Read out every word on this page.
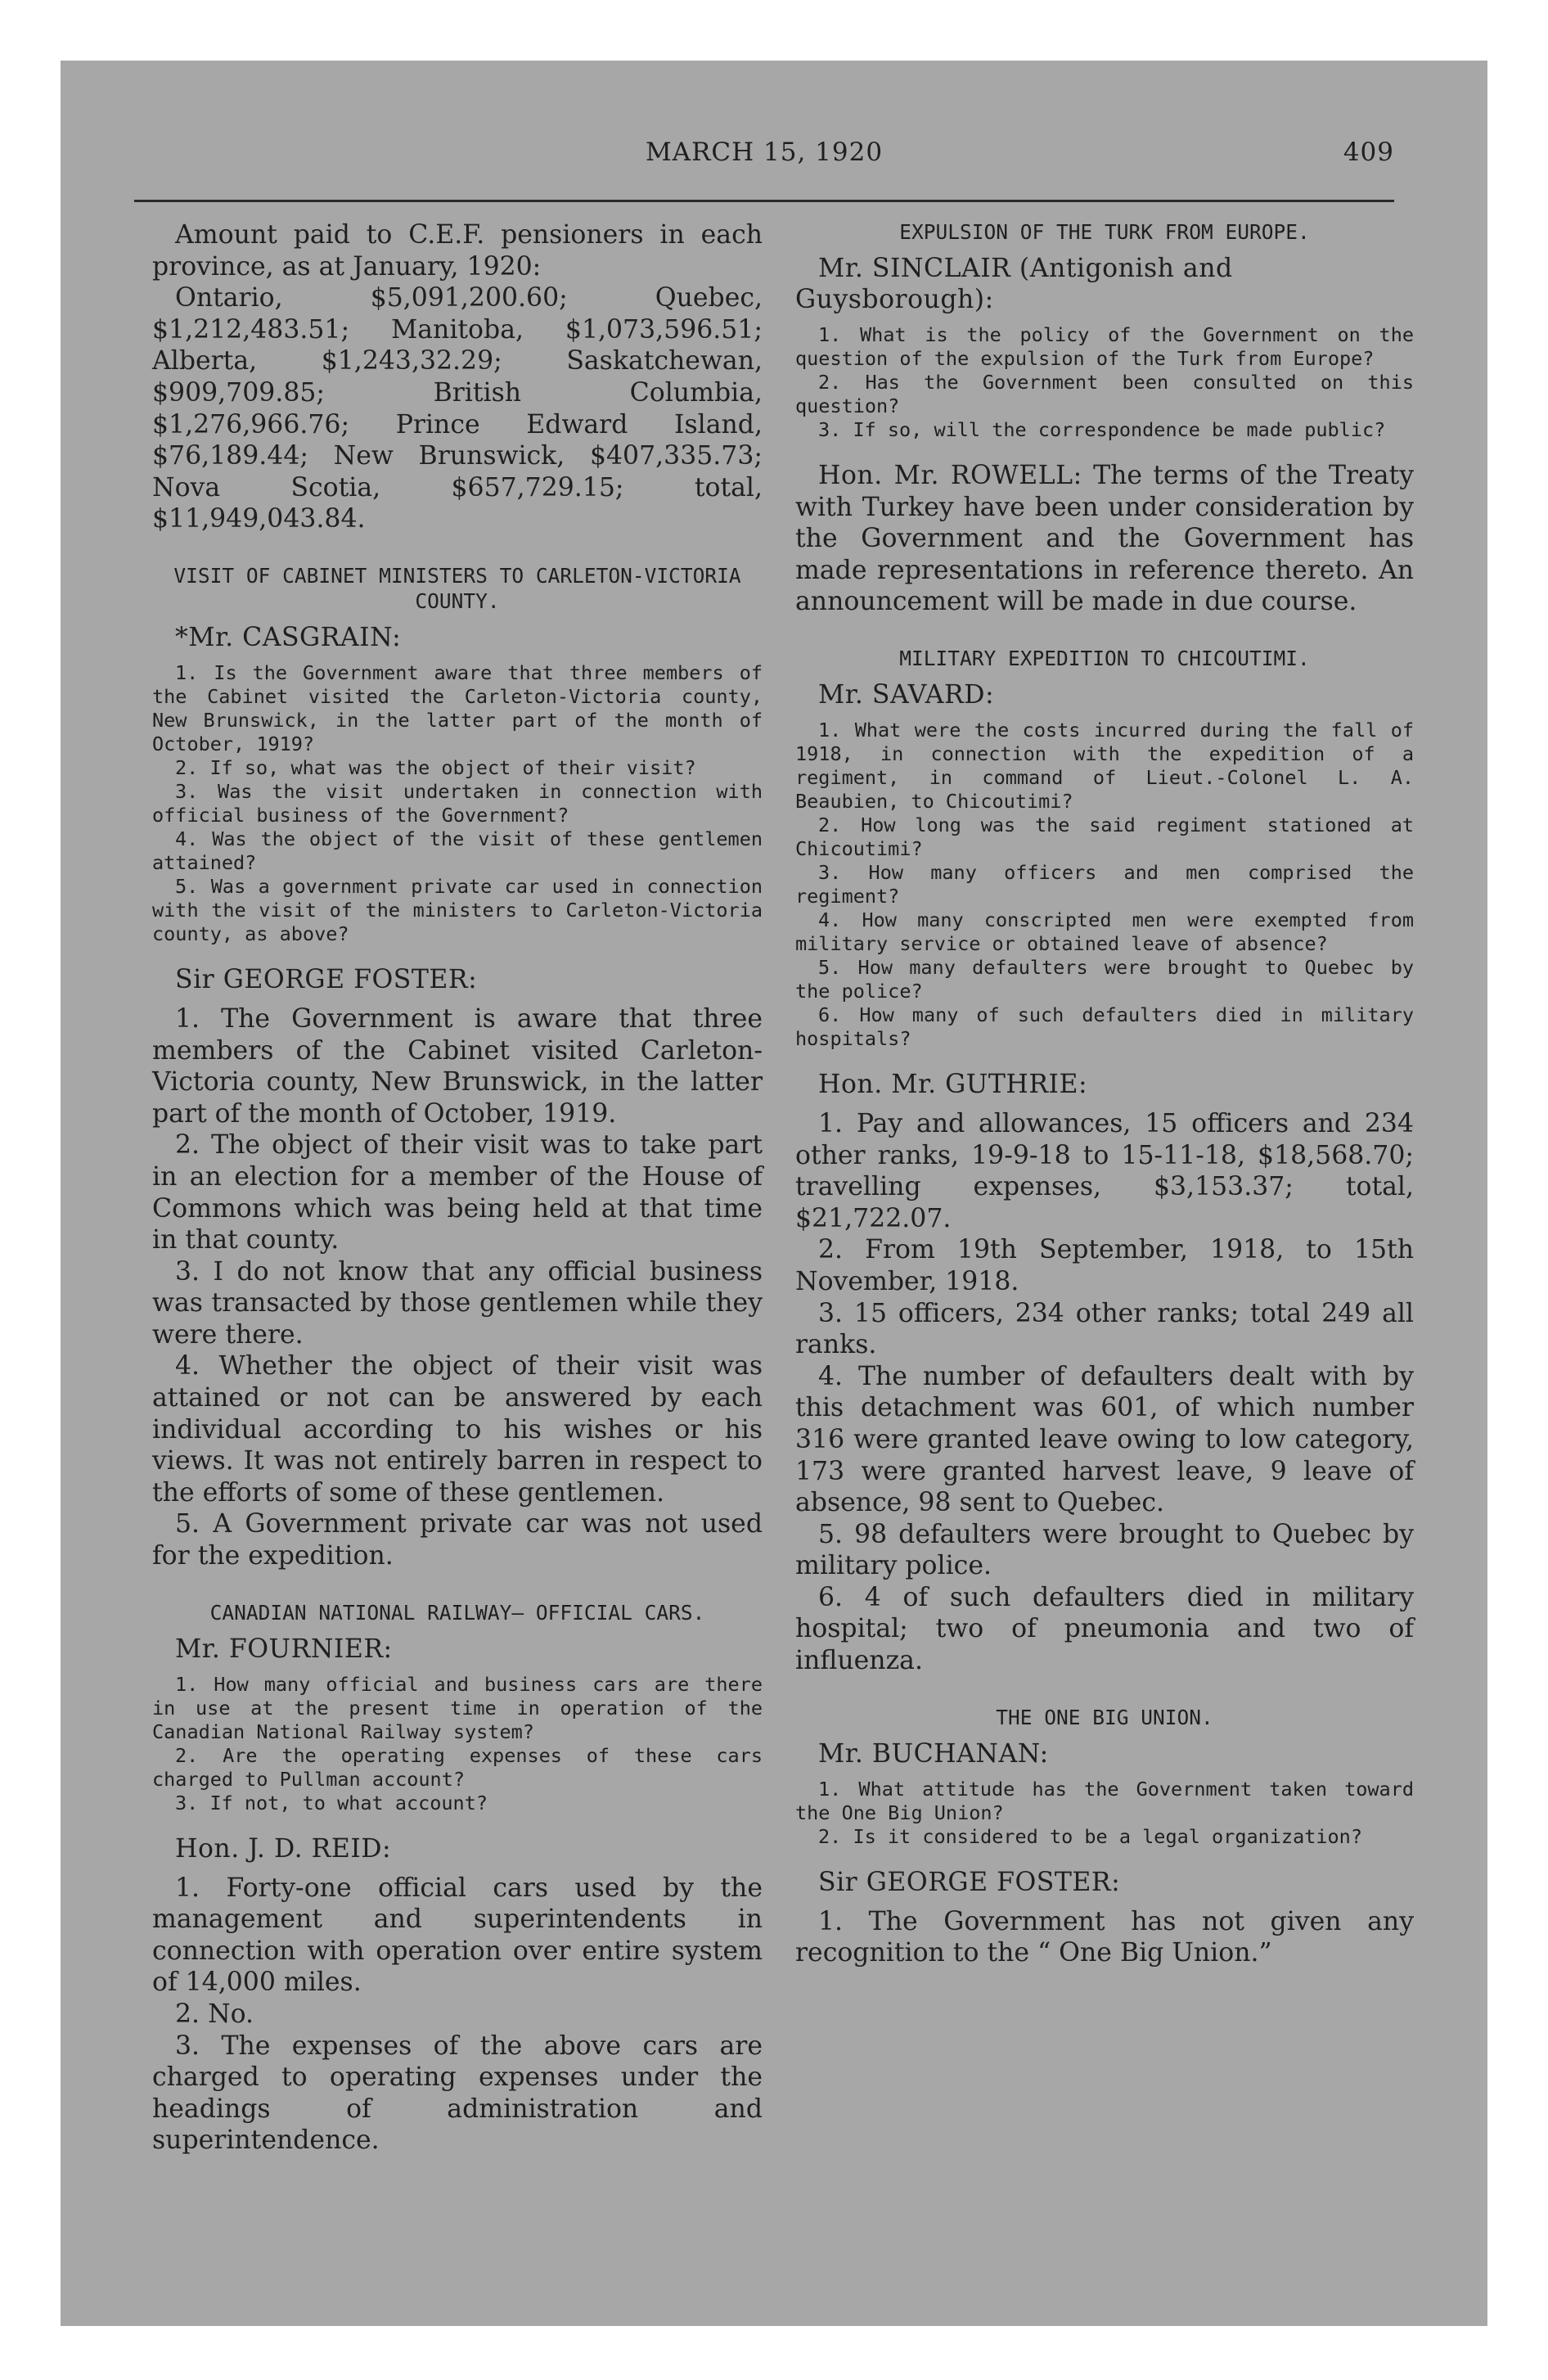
MARCH 15, 1920	409

Amount paid to C.E.F. pensioners in each province, as at January, 1920:

Ontario, $5,091,200.60; Quebec, $1,212,483.51; Manitoba, $1,073,596.51; Alberta, $1,243,32.29; Saskatchewan, $909,709.85; British Columbia, $1,276,966.76; Prince Edward Island, $76,189.44; New Brunswick, $407,335.73; Nova Scotia, $657,729.15; total, $11,949,043.84.

VISIT OF CABINET MINISTERS TO CARLETON-VICTORIA COUNTY.

*Mr. CASGRAIN:

1. Is the Government aware that three members of the Cabinet visited the Carleton-Victoria county, New Brunswick, in the latter part of the month of October, 1919?

2. If so, what was the object of their visit?

3. Was the visit undertaken in connection with official business of the Government?

4. Was the object of the visit of these gentlemen attained?

5. Was a government private car used in connection with the visit of the ministers to Carleton-Victoria county, as above?

Sir GEORGE FOSTER:

1. The Government is aware that three members of the Cabinet visited Carleton-Victoria county, New Brunswick, in the latter part of the month of October, 1919.

2. The object of their visit was to take part in an election for a member of the House of Commons which was being held at that time in that county.

3. I do not know that any official business was transacted by those gentlemen while they were there.

4. Whether the object of their visit was attained or not can be answered by each individual according to his wishes or his views. It was not entirely barren in respect to the efforts of some of these gentlemen.

5. A Government private car was not used for the expedition.

CANADIAN NATIONAL RAILWAY— OFFICIAL CARS.

Mr. FOURNIER:

1. How many official and business cars are there in use at the present time in operation of the Canadian National Railway system?

2. Are the operating expenses of these cars charged to Pullman account?

3. If not, to what account?

Hon. J. D. REID:

1. Forty-one official cars used by the management and superintendents in connection with operation over entire system of 14,000 miles.

2. No.

3. The expenses of the above cars are charged to operating expenses under the headings of administration and superintendence.

EXPULSION OF THE TURK FROM EUROPE.

Mr. SINCLAIR (Antigonish and Guysborough):

1. What is the policy of the Government on the question of the expulsion of the Turk from Europe?

2. Has the Government been consulted on this question?

3. If so, will the correspondence be made public?

Hon. Mr. ROWELL: The terms of the Treaty with Turkey have been under consideration by the Government and the Government has made representations in reference thereto. An announcement will be made in due course.

MILITARY EXPEDITION TO CHICOUTIMI.

Mr. SAVARD:

1. What were the costs incurred during the fall of 1918, in connection with the expedition of a regiment, in command of Lieut.-Colonel L. A. Beaubien, to Chicoutimi?

2. How long was the said regiment stationed at Chicoutimi?

3. How many officers and men comprised the regiment?

4. How many conscripted men were exempted from military service or obtained leave of absence?

5. How many defaulters were brought to Quebec by the police?

6. How many of such defaulters died in military hospitals?

Hon. Mr. GUTHRIE:

1. Pay and allowances, 15 officers and 234 other ranks, 19-9-18 to 15-11-18, $18,568.70; travelling expenses, $3,153.37; total, $21,722.07.

2. From 19th September, 1918, to 15th November, 1918.

3. 15 officers, 234 other ranks; total 249 all ranks.

4. The number of defaulters dealt with by this detachment was 601, of which number 316 were granted leave owing to low category, 173 were granted harvest leave, 9 leave of absence, 98 sent to Quebec.

5. 98 defaulters were brought to Quebec by military police.

6. 4 of such defaulters died in military hospital; two of pneumonia and two of influenza.

THE ONE BIG UNION.

Mr. BUCHANAN:

1. What attitude has the Government taken toward the One Big Union?

2. Is it considered to be a legal organization?

Sir GEORGE FOSTER:

1. The Government has not given any recognition to the “ One Big Union.”
